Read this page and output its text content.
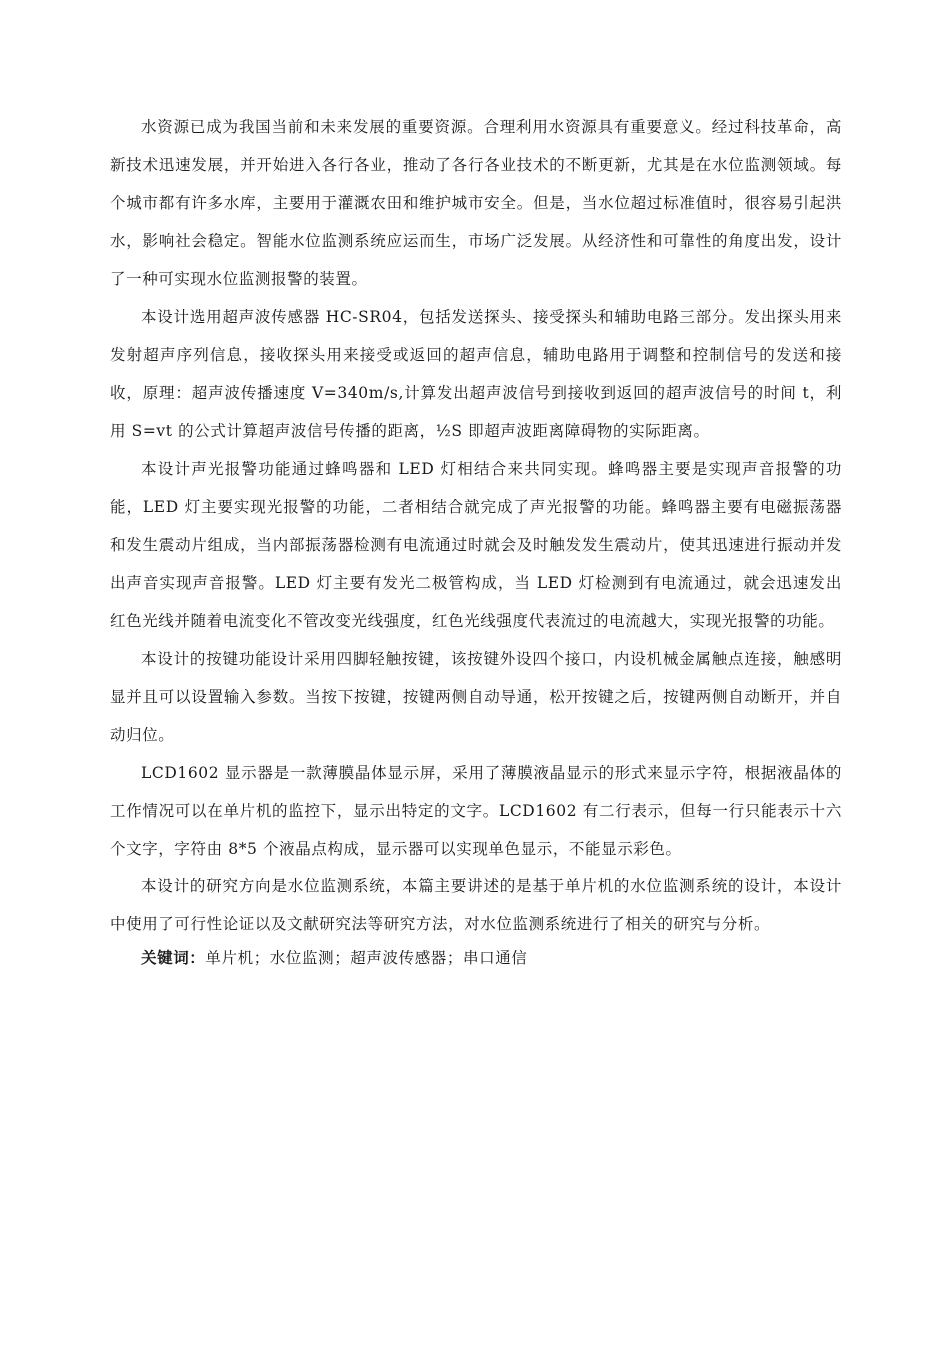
水资源已成为我国当前和未来发展的重要资源。合理利用水资源具有重要意义。经过科技革命，高新技术迅速发展，并开始进入各行各业，推动了各行各业技术的不断更新，尤其是在水位监测领域。每个城市都有许多水库，主要用于灌溉农田和维护城市安全。但是，当水位超过标准值时，很容易引起洪水，影响社会稳定。智能水位监测系统应运而生，市场广泛发展。从经济性和可靠性的角度出发，设计了一种可实现水位监测报警的装置。

本设计选用超声波传感器 HC-SR04，包括发送探头、接受探头和辅助电路三部分。发出探头用来发射超声序列信息，接收探头用来接受或返回的超声信息，辅助电路用于调整和控制信号的发送和接收，原理：超声波传播速度 V=340m/s,计算发出超声波信号到接收到返回的超声波信号的时间 t，利用 S=vt 的公式计算超声波信号传播的距离，½S 即超声波距离障碍物的实际距离。

本设计声光报警功能通过蜂鸣器和 LED 灯相结合来共同实现。蜂鸣器主要是实现声音报警的功能，LED 灯主要实现光报警的功能，二者相结合就完成了声光报警的功能。蜂鸣器主要有电磁振荡器和发生震动片组成，当内部振荡器检测有电流通过时就会及时触发发生震动片，使其迅速进行振动并发出声音实现声音报警。LED 灯主要有发光二极管构成，当 LED 灯检测到有电流通过，就会迅速发出红色光线并随着电流变化不管改变光线强度，红色光线强度代表流过的电流越大，实现光报警的功能。

本设计的按键功能设计采用四脚轻触按键，该按键外设四个接口，内设机械金属触点连接，触感明显并且可以设置输入参数。当按下按键，按键两侧自动导通，松开按键之后，按键两侧自动断开，并自动归位。

LCD1602 显示器是一款薄膜晶体显示屏，采用了薄膜液晶显示的形式来显示字符，根据液晶体的工作情况可以在单片机的监控下，显示出特定的文字。LCD1602 有二行表示，但每一行只能表示十六个文字，字符由 8*5 个液晶点构成，显示器可以实现单色显示，不能显示彩色。

本设计的研究方向是水位监测系统，本篇主要讲述的是基于单片机的水位监测系统的设计，本设计中使用了可行性论证以及文献研究法等研究方法，对水位监测系统进行了相关的研究与分析。

关键词：单片机；水位监测；超声波传感器；串口通信
